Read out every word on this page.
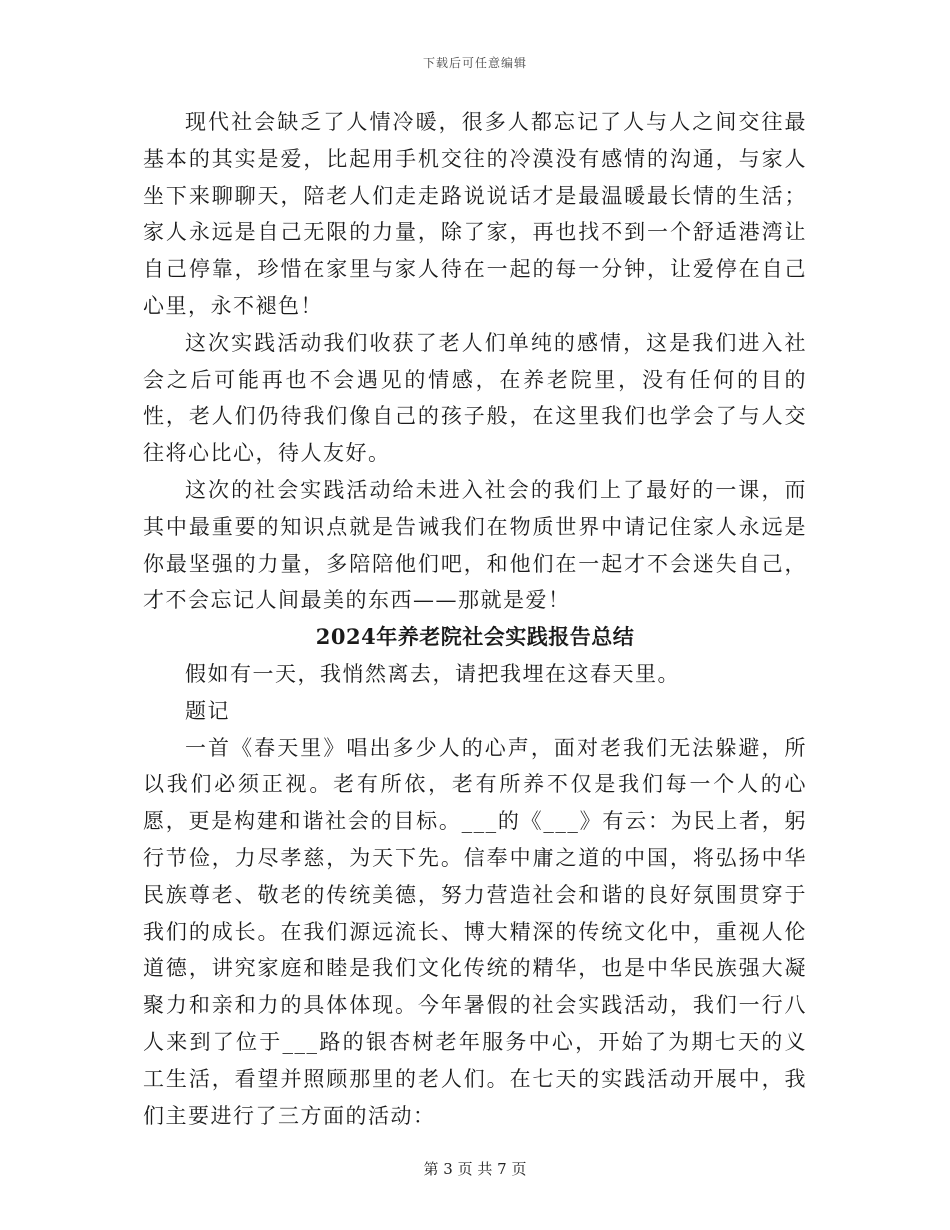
下载后可任意编辑

现代社会缺乏了人情冷暖，很多人都忘记了人与人之间交往最基本的其实是爱，比起用手机交往的冷漠没有感情的沟通，与家人坐下来聊聊天，陪老人们走走路说说话才是最温暖最长情的生活；家人永远是自己无限的力量，除了家，再也找不到一个舒适港湾让自己停靠，珍惜在家里与家人待在一起的每一分钟，让爱停在自己心里，永不褪色！

这次实践活动我们收获了老人们单纯的感情，这是我们进入社会之后可能再也不会遇见的情感，在养老院里，没有任何的目的性，老人们仍待我们像自己的孩子般，在这里我们也学会了与人交往将心比心，待人友好。

这次的社会实践活动给未进入社会的我们上了最好的一课，而其中最重要的知识点就是告诫我们在物质世界中请记住家人永远是你最坚强的力量，多陪陪他们吧，和他们在一起才不会迷失自己，才不会忘记人间最美的东西——那就是爱！

2024年养老院社会实践报告总结

假如有一天，我悄然离去，请把我埋在这春天里。

题记

一首《春天里》唱出多少人的心声，面对老我们无法躲避，所以我们必须正视。老有所依，老有所养不仅是我们每一个人的心愿，更是构建和谐社会的目标。___的《___》有云：为民上者，躬行节俭，力尽孝慈，为天下先。信奉中庸之道的中国，将弘扬中华民族尊老、敬老的传统美德，努力营造社会和谐的良好氛围贯穿于我们的成长。在我们源远流长、博大精深的传统文化中，重视人伦道德，讲究家庭和睦是我们文化传统的精华，也是中华民族强大凝聚力和亲和力的具体体现。今年暑假的社会实践活动，我们一行八人来到了位于___路的银杏树老年服务中心，开始了为期七天的义工生活，看望并照顾那里的老人们。在七天的实践活动开展中，我们主要进行了三方面的活动：

第 3 页 共 7 页
